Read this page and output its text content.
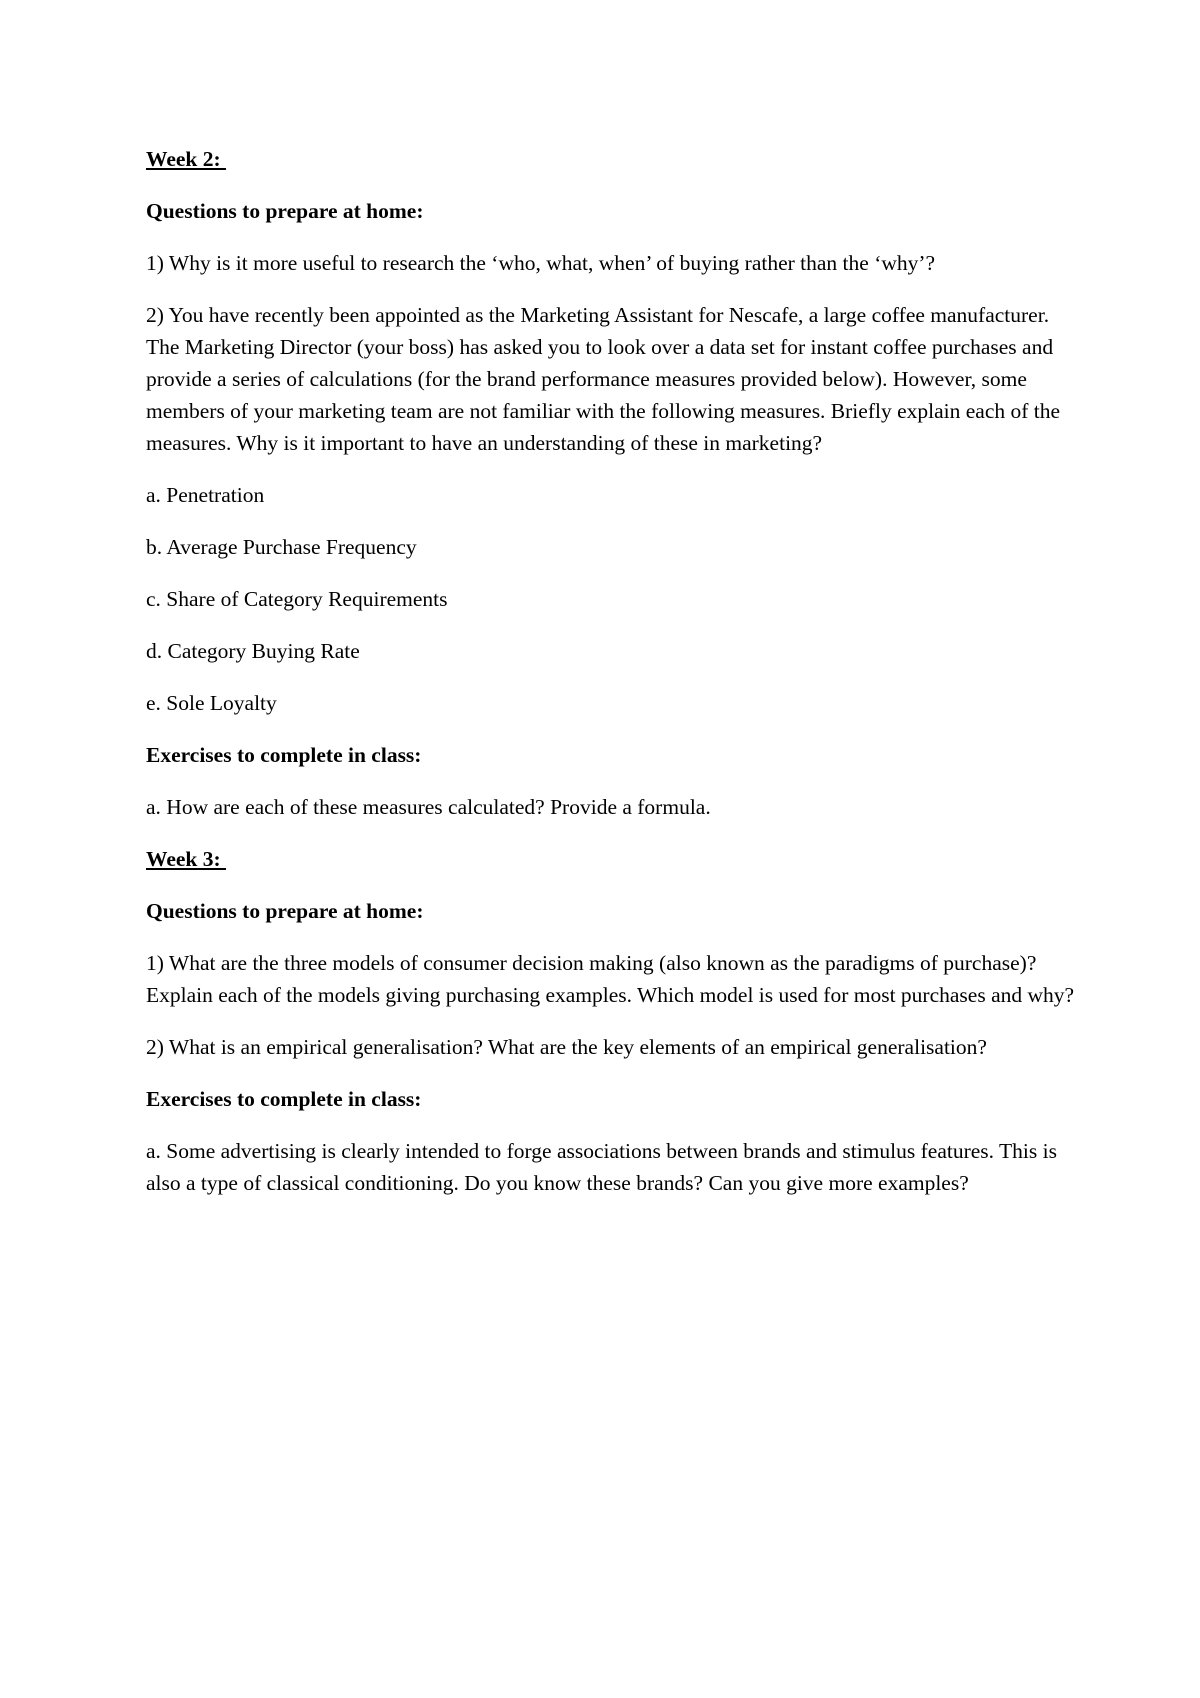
Week 2:

Questions to prepare at home:

1) Why is it more useful to research the ‘who, what, when’ of buying rather than the ‘why’?

2) You have recently been appointed as the Marketing Assistant for Nescafe, a large coffee manufacturer. The Marketing Director (your boss) has asked you to look over a data set for instant coffee purchases and provide a series of calculations (for the brand performance measures provided below). However, some members of your marketing team are not familiar with the following measures. Briefly explain each of the measures. Why is it important to have an understanding of these in marketing?

a. Penetration

b. Average Purchase Frequency

c. Share of Category Requirements

d. Category Buying Rate

e. Sole Loyalty

Exercises to complete in class:

a. How are each of these measures calculated? Provide a formula.

Week 3:

Questions to prepare at home:

1) What are the three models of consumer decision making (also known as the paradigms of purchase)? Explain each of the models giving purchasing examples. Which model is used for most purchases and why?

2) What is an empirical generalisation? What are the key elements of an empirical generalisation?

Exercises to complete in class:

a. Some advertising is clearly intended to forge associations between brands and stimulus features. This is also a type of classical conditioning. Do you know these brands? Can you give more examples?
